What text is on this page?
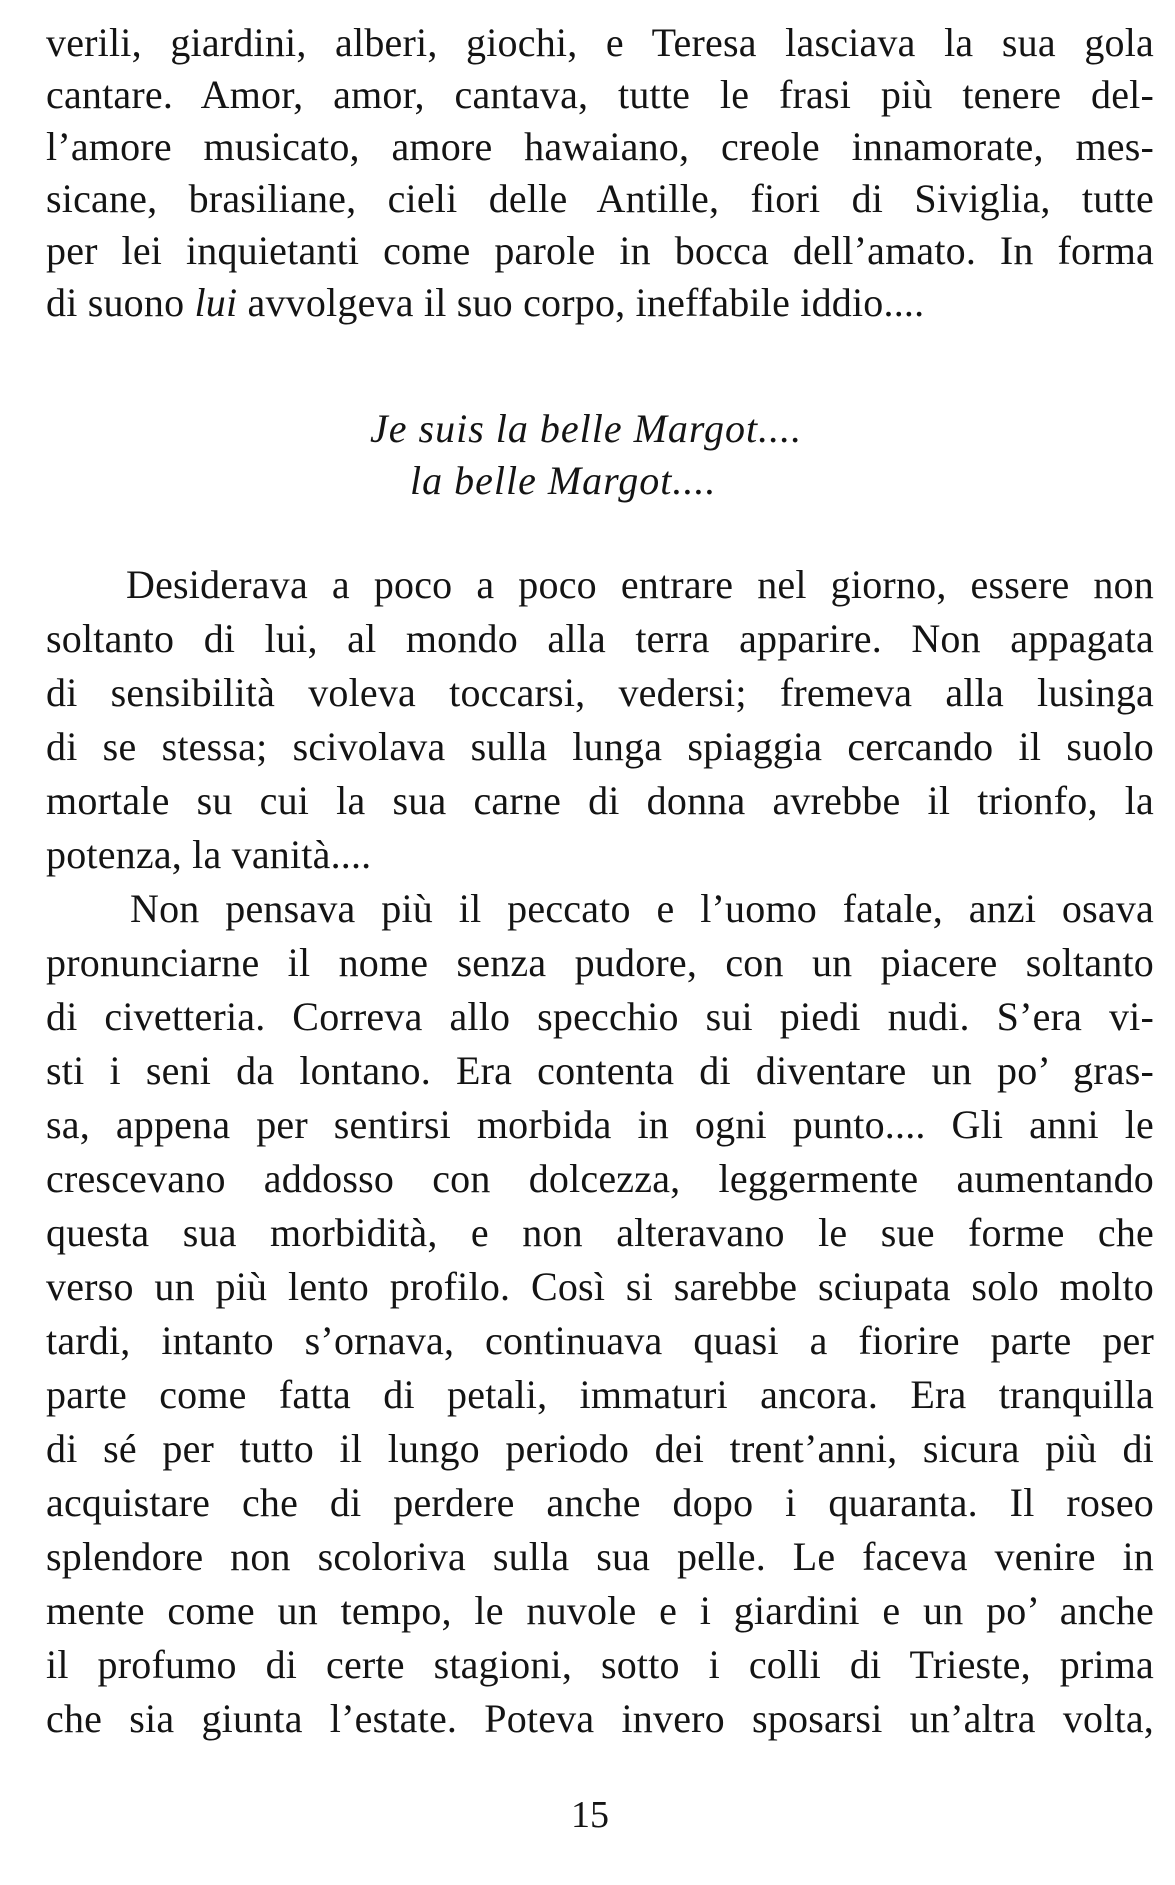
verili, giardini, alberi, giochi, e Teresa lasciava la sua gola
cantare. Amor, amor, cantava, tutte le frasi più tenere del-
l’amore musicato, amore hawaiano, creole innamorate, mes-
sicane, brasiliane, cieli delle Antille, fiori di Siviglia, tutte
per lei inquietanti come parole in bocca dell’amato. In forma
di suono lui avvolgeva il suo corpo, ineffabile iddio....
Je suis la belle Margot....
la belle Margot....
Desiderava a poco a poco entrare nel giorno, essere non
soltanto di lui, al mondo alla terra apparire. Non appagata
di sensibilità voleva toccarsi, vedersi; fremeva alla lusinga
di se stessa; scivolava sulla lunga spiaggia cercando il suolo
mortale su cui la sua carne di donna avrebbe il trionfo, la
potenza, la vanità....
Non pensava più il peccato e l’uomo fatale, anzi osava
pronunciarne il nome senza pudore, con un piacere soltanto
di civetteria. Correva allo specchio sui piedi nudi. S’era vi-
sti i seni da lontano. Era contenta di diventare un po’ gras-
sa, appena per sentirsi morbida in ogni punto.... Gli anni le
crescevano addosso con dolcezza, leggermente aumentando
questa sua morbidità, e non alteravano le sue forme che
verso un più lento profilo. Così si sarebbe sciupata solo molto
tardi, intanto s’ornava, continuava quasi a fiorire parte per
parte come fatta di petali, immaturi ancora. Era tranquilla
di sé per tutto il lungo periodo dei trent’anni, sicura più di
acquistare che di perdere anche dopo i quaranta. Il roseo
splendore non scoloriva sulla sua pelle. Le faceva venire in
mente come un tempo, le nuvole e i giardini e un po’ anche
il profumo di certe stagioni, sotto i colli di Trieste, prima
che sia giunta l’estate. Poteva invero sposarsi un’altra volta,
15
